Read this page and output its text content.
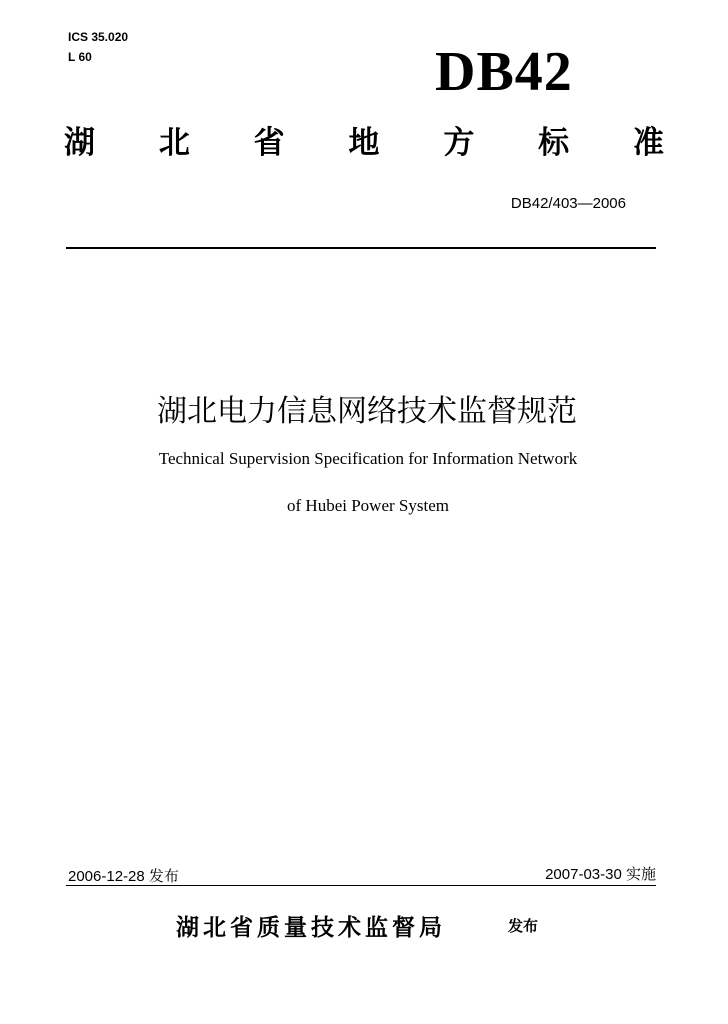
ICS 35.020
L 60	DB42
湖 北 省 地 方 标 准
DB42/403—2006
湖北电力信息网络技术监督规范
Technical Supervision Specification for Information Network
of Hubei Power System
2006-12-28 发布	2007-03-30 实施
湖北省质量技术监督局	发布
